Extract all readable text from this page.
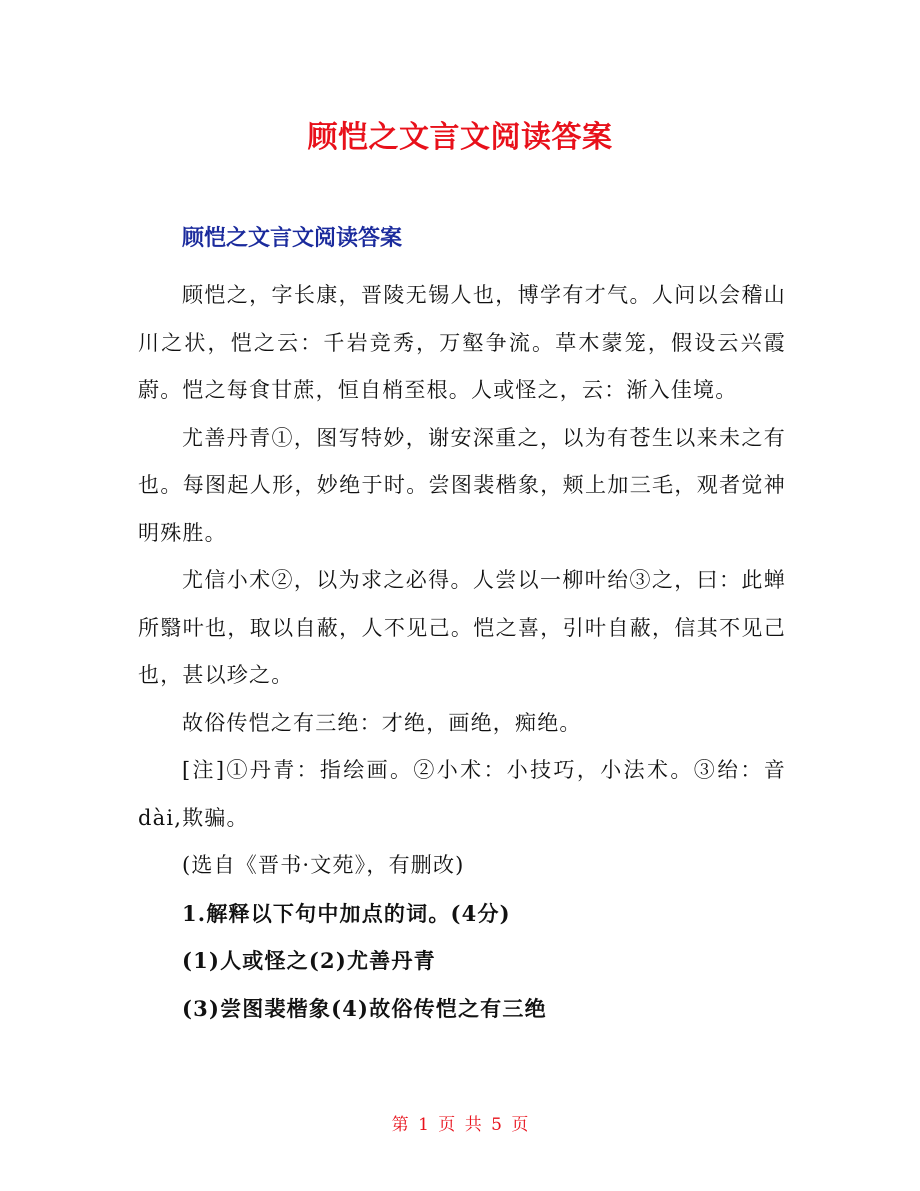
顾恺之文言文阅读答案
顾恺之文言文阅读答案

顾恺之，字长康，晋陵无锡人也，博学有才气。人问以会稽山川之状，恺之云：千岩竞秀，万壑争流。草木蒙笼，假设云兴霞蔚。恺之每食甘蔗，恒自梢至根。人或怪之，云：渐入佳境。

尤善丹青①，图写特妙，谢安深重之，以为有苍生以来未之有也。每图起人形，妙绝于时。尝图裴楷象，颊上加三毛，观者觉神明殊胜。

尤信小术②，以为求之必得。人尝以一柳叶绐③之，曰：此蝉所翳叶也，取以自蔽，人不见己。恺之喜，引叶自蔽，信其不见己也，甚以珍之。

故俗传恺之有三绝：才绝，画绝，痴绝。

[注]①丹青：指绘画。②小术：小技巧，小法术。③绐：音dài,欺骗。

(选自《晋书·文苑》，有删改)

1.解释以下句中加点的词。(4分)

(1)人或怪之(2)尤善丹青

(3)尝图裴楷象(4)故俗传恺之有三绝

第 1 页 共 5 页
